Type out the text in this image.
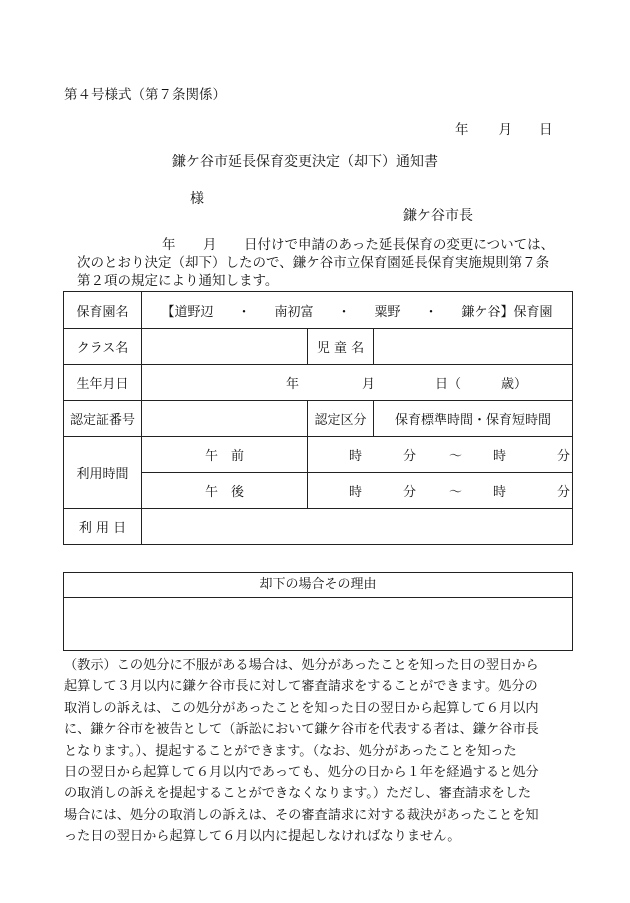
第４号様式（第７条関係）
年 月 日
鎌ケ谷市延長保育変更決定（却下）通知書
様
鎌ケ谷市長
年 月 日付けで申請のあった延長保育の変更については、
次のとおり決定（却下）したので、鎌ケ谷市立保育園延長保育実施規則第７条
第２項の規定により通知します。
保育園名	【道野辺 ・ 南初富 ・ 粟野 ・ 鎌ケ谷】保育園		
クラス名		児 童 名	
生年月日	年 月 日（ 歳）		
認定証番号		認定区分	保育標準時間・保育短時間
利用時間	午　前	時 分 〜 時 分	
	午　後	時 分 〜 時 分	
利 用 日			
却下の場合その理由
（教示）この処分に不服がある場合は、処分があったことを知った日の翌日から
起算して３月以内に鎌ケ谷市長に対して審査請求をすることができます。処分の
取消しの訴えは、この処分があったことを知った日の翌日から起算して６月以内
に、鎌ケ谷市を被告として（訴訟において鎌ケ谷市を代表する者は、鎌ケ谷市長
となります。）、提起することができます。（なお、処分があったことを知った
日の翌日から起算して６月以内であっても、処分の日から１年を経過すると処分
の取消しの訴えを提起することができなくなります。）ただし、審査請求をした
場合には、処分の取消しの訴えは、その審査請求に対する裁決があったことを知
った日の翌日から起算して６月以内に提起しなければなりません。
